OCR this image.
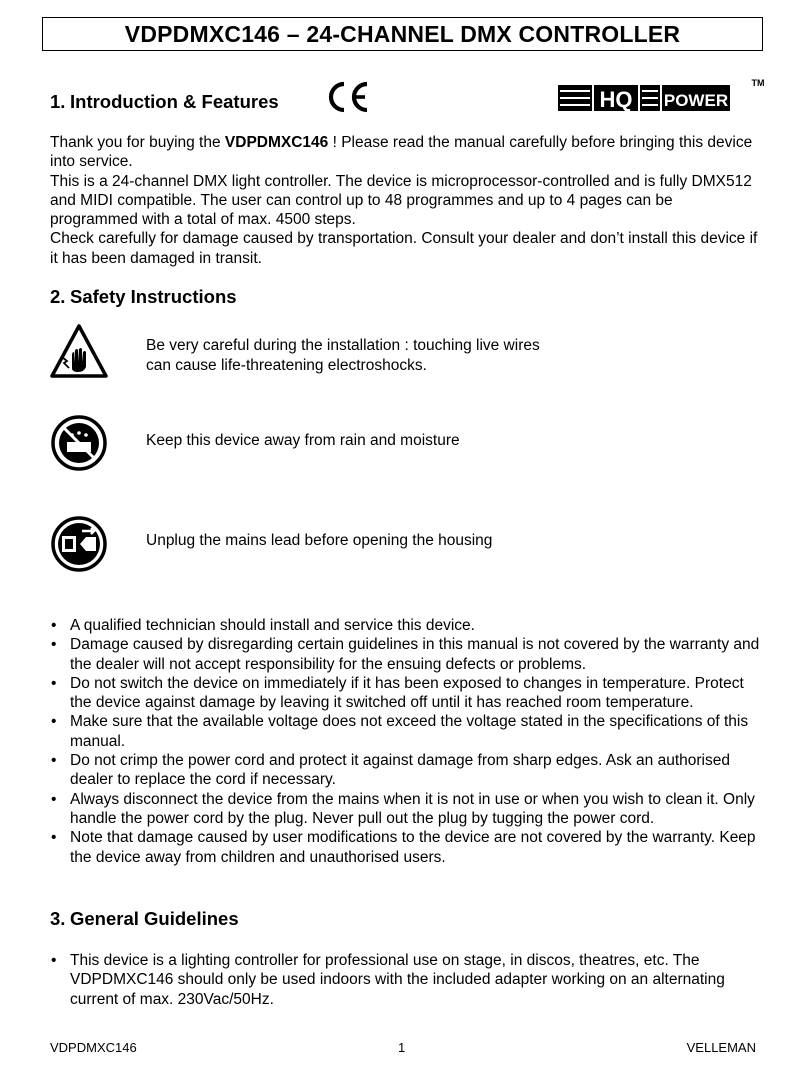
VDPDMXC146 – 24-CHANNEL DMX CONTROLLER
1. Introduction & Features	HQ POWER
TM

Thank you for buying the VDPDMXC146 ! Please read the manual carefully before bringing this device into service.

This is a 24-channel DMX light controller. The device is microprocessor-controlled and is fully DMX512 and MIDI compatible. The user can control up to 48 programmes and up to 4 pages can be programmed with a total of max. 4500 steps.

Check carefully for damage caused by transportation. Consult your dealer and don’t install this device if it has been damaged in transit.

2. Safety Instructions
Be very careful during the installation : touching live wires can cause life-threatening electroshocks.
Keep this device away from rain and moisture
Unplug the mains lead before opening the housing
• A qualified technician should install and service this device.
• Damage caused by disregarding certain guidelines in this manual is not covered by the warranty and the dealer will not accept responsibility for the ensuing defects or problems.
• Do not switch the device on immediately if it has been exposed to changes in temperature. Protect the device against damage by leaving it switched off until it has reached room temperature.
• Make sure that the available voltage does not exceed the voltage stated in the specifications of this manual.
• Do not crimp the power cord and protect it against damage from sharp edges. Ask an authorised dealer to replace the cord if necessary.
• Always disconnect the device from the mains when it is not in use or when you wish to clean it. Only handle the power cord by the plug. Never pull out the plug by tugging the power cord.
• Note that damage caused by user modifications to the device are not covered by the warranty. Keep the device away from children and unauthorised users.
3. General Guidelines
• This device is a lighting controller for professional use on stage, in discos, theatres, etc. The VDPDMXC146 should only be used indoors with the included adapter working on an alternating current of max. 230Vac/50Hz.
VDPDMXC146	1	VELLEMAN
